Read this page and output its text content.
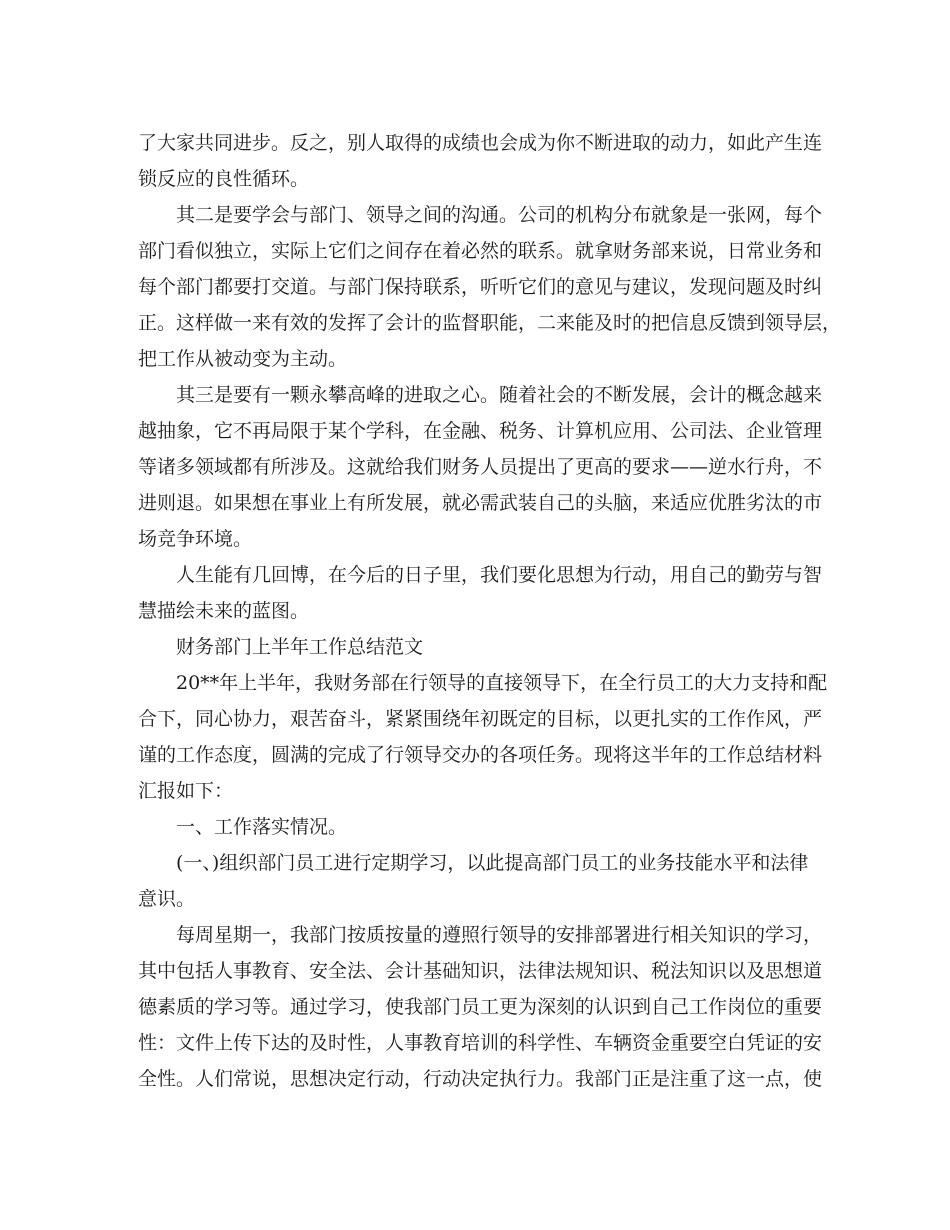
了大家共同进步。反之，别人取得的成绩也会成为你不断进取的动力，如此产生连
锁反应的良性循环。
其二是要学会与部门、领导之间的沟通。公司的机构分布就象是一张网，每个
部门看似独立，实际上它们之间存在着必然的联系。就拿财务部来说，日常业务和
每个部门都要打交道。与部门保持联系，听听它们的意见与建议，发现问题及时纠
正。这样做一来有效的发挥了会计的监督职能，二来能及时的把信息反馈到领导层，
把工作从被动变为主动。
其三是要有一颗永攀高峰的进取之心。随着社会的不断发展，会计的概念越来
越抽象，它不再局限于某个学科，在金融、税务、计算机应用、公司法、企业管理
等诸多领域都有所涉及。这就给我们财务人员提出了更高的要求——逆水行舟，不
进则退。如果想在事业上有所发展，就必需武装自己的头脑，来适应优胜劣汰的市
场竞争环境。
人生能有几回博，在今后的日子里，我们要化思想为行动，用自己的勤劳与智
慧描绘未来的蓝图。
财务部门上半年工作总结范文
20**年上半年，我财务部在行领导的直接领导下，在全行员工的大力支持和配
合下，同心协力，艰苦奋斗，紧紧围绕年初既定的目标，以更扎实的工作作风，严
谨的工作态度，圆满的完成了行领导交办的各项任务。现将这半年的工作总结材料
汇报如下：
一、工作落实情况。
(一、)组织部门员工进行定期学习，以此提高部门员工的业务技能水平和法律
意识。
每周星期一，我部门按质按量的遵照行领导的安排部署进行相关知识的学习，
其中包括人事教育、安全法、会计基础知识，法律法规知识、税法知识以及思想道
德素质的学习等。通过学习，使我部门员工更为深刻的认识到自己工作岗位的重要
性：文件上传下达的及时性，人事教育培训的科学性、车辆资金重要空白凭证的安
全性。人们常说，思想决定行动，行动决定执行力。我部门正是注重了这一点，使
